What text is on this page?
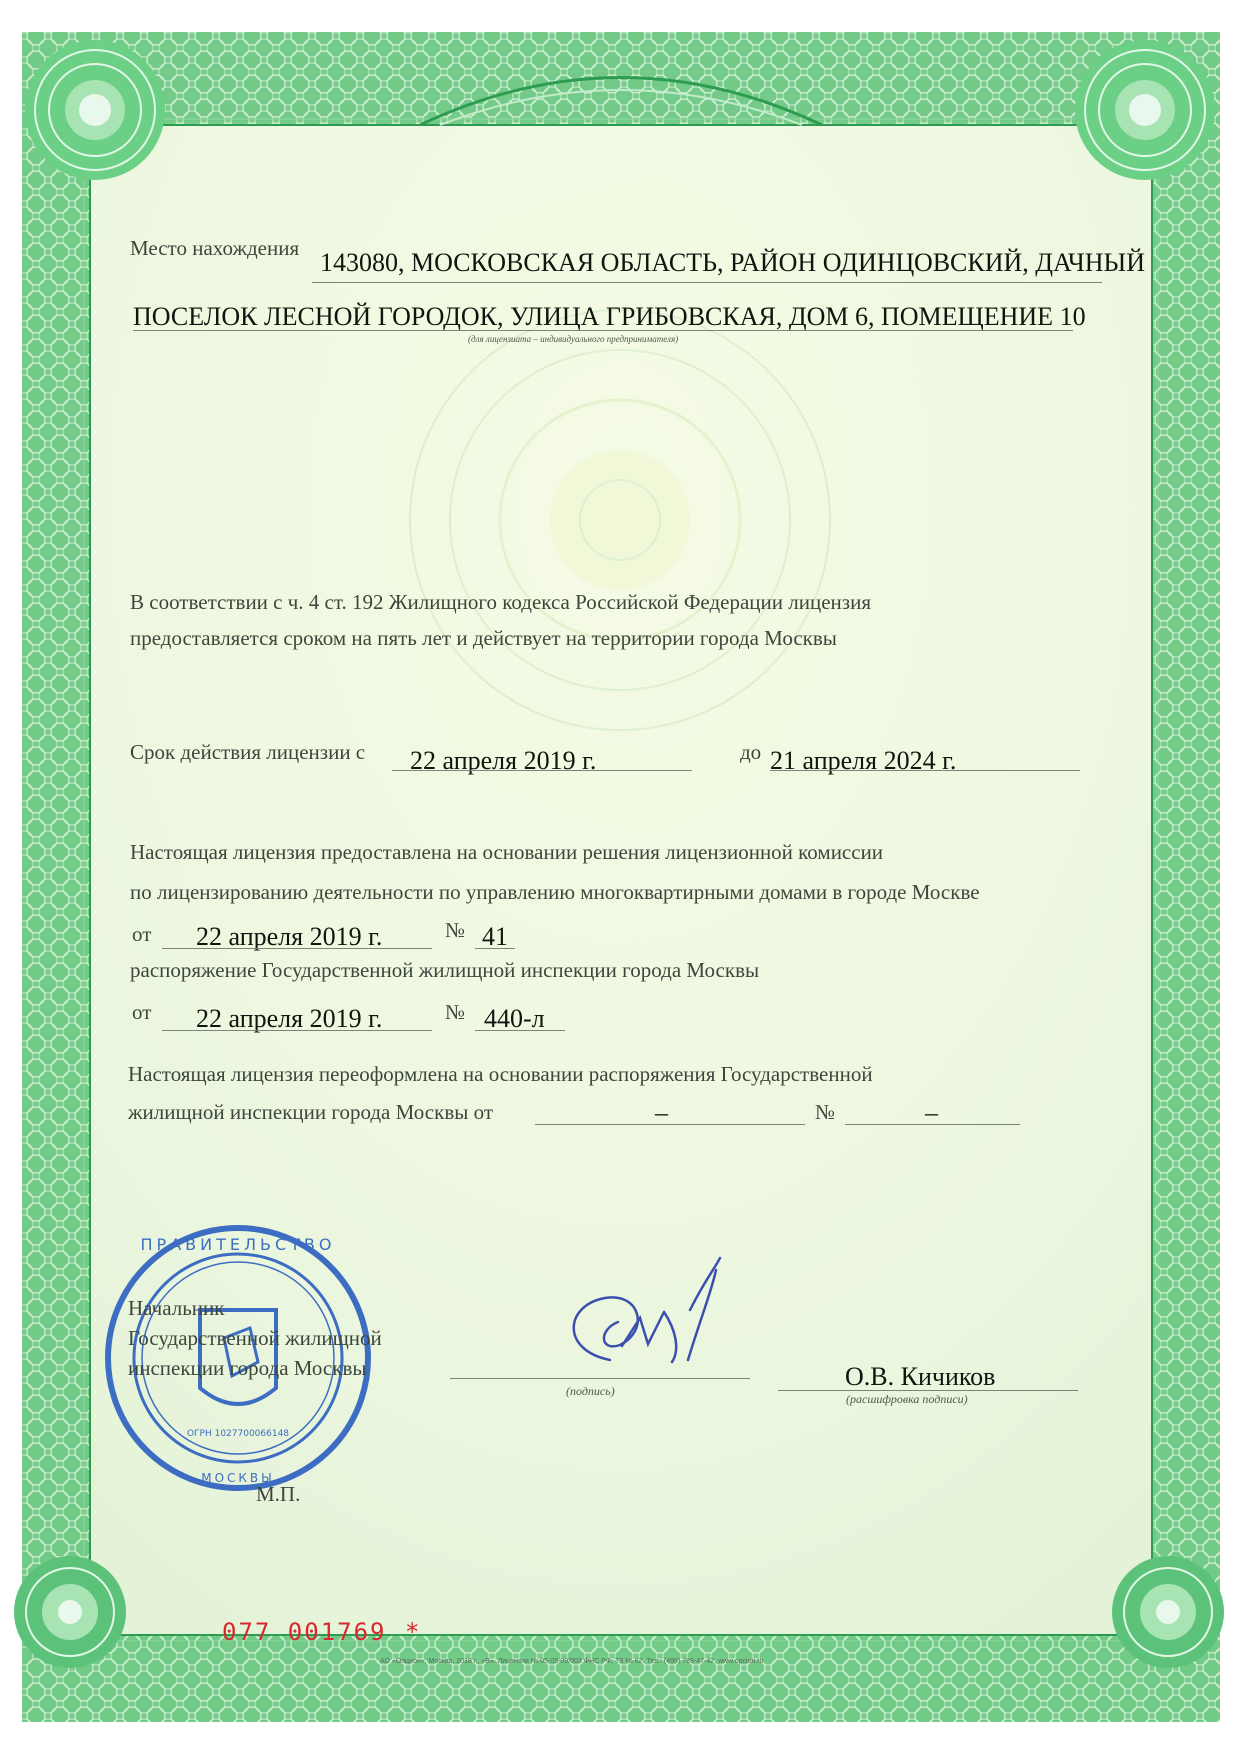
ПРАВИТЕЛЬСТВО
МОСКВЫ
ОГРН 1027700066148
Место нахождения 143080, МОСКОВСКАЯ ОБЛАСТЬ, РАЙОН ОДИНЦОВСКИЙ, ДАЧНЫЙ
ПОСЕЛОК ЛЕСНОЙ ГОРОДОК, УЛИЦА ГРИБОВСКАЯ, ДОМ 6, ПОМЕЩЕНИЕ 10
(для лицензиата – индивидуального предпринимателя)
В соответствии с ч. 4 ст. 192 Жилищного кодекса Российской Федерации лицензия
предоставляется сроком на пять лет и действует на территории города Москвы
Срок действия лицензии с 22 апреля 2019 г.	до 21 апреля 2024 г.
Настоящая лицензия предоставлена на основании решения лицензионной комиссии
по лицензированию деятельности по управлению многоквартирными домами в городе Москве
от 22 апреля 2019 г.	№ 41
распоряжение Государственной жилищной инспекции города Москвы
от 22 апреля 2019 г.	№ 440-л
Настоящая лицензия переоформлена на основании распоряжения Государственной
жилищной инспекции города Москвы от	–	№	–
Начальник
Государственной жилищной
инспекции города Москвы
(подпись)	О.В. Кичиков
(расшифровка подписи)
М.П.
077 001769 *
АО «Опцион», Москва, 2018 г., «В». Лицензия № 05-05-09/003 ФНС РФ, ТЗ № 62. Тел.: (495) 789-47-42, www.opcion.ru
